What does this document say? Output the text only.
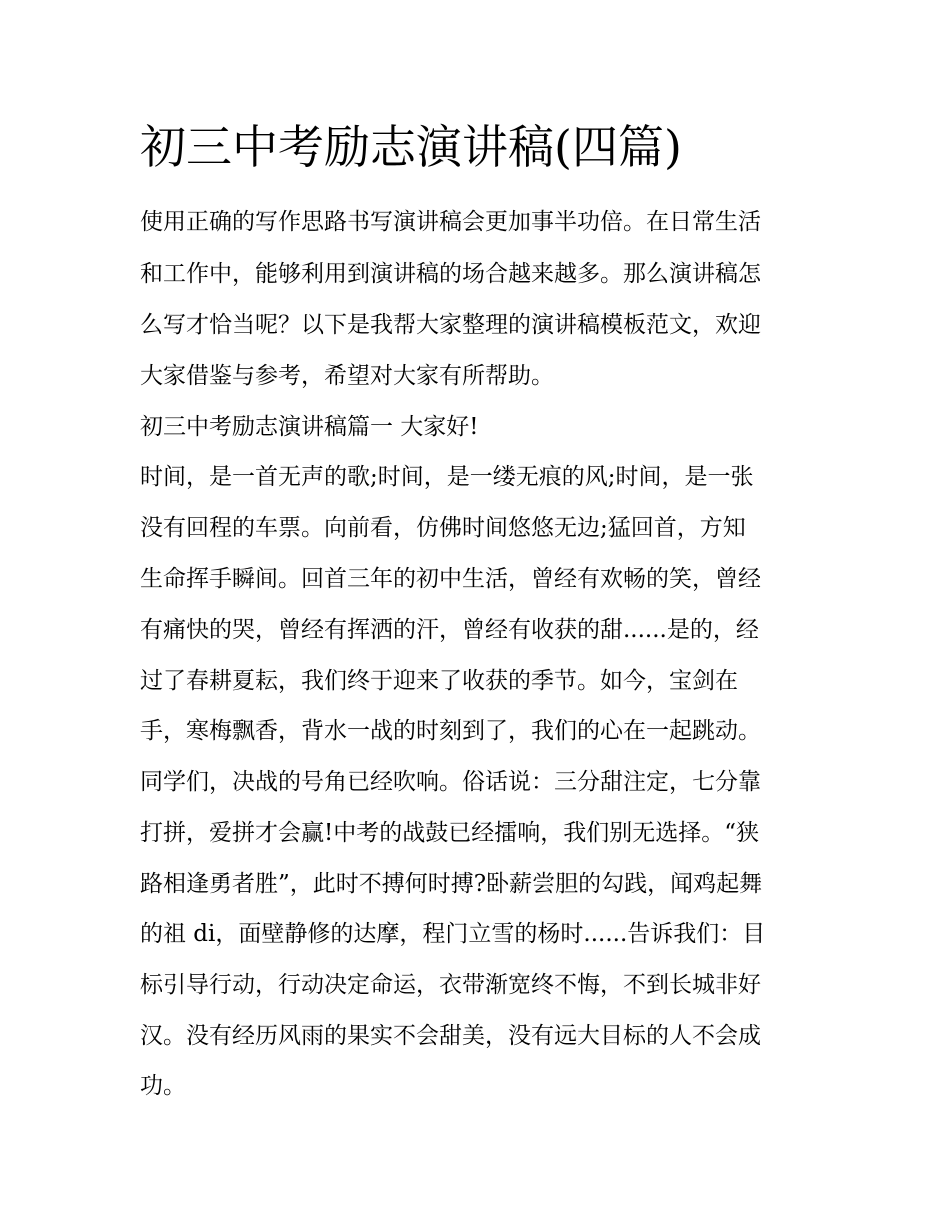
初三中考励志演讲稿(四篇)

使用正确的写作思路书写演讲稿会更加事半功倍。在日常生活

和工作中，能够利用到演讲稿的场合越来越多。那么演讲稿怎

么写才恰当呢？以下是我帮大家整理的演讲稿模板范文，欢迎

大家借鉴与参考，希望对大家有所帮助。

初三中考励志演讲稿篇一 大家好!

时间，是一首无声的歌;时间，是一缕无痕的风;时间，是一张

没有回程的车票。向前看，仿佛时间悠悠无边;猛回首，方知

生命挥手瞬间。回首三年的初中生活，曾经有欢畅的笑，曾经

有痛快的哭，曾经有挥洒的汗，曾经有收获的甜......是的，经

过了春耕夏耘，我们终于迎来了收获的季节。如今，宝剑在

手，寒梅飘香，背水一战的时刻到了，我们的心在一起跳动。

同学们，决战的号角已经吹响。俗话说：三分甜注定，七分靠

打拼，爱拼才会赢!中考的战鼓已经擂响，我们别无选择。“狭

路相逢勇者胜”，此时不搏何时搏?卧薪尝胆的勾践，闻鸡起舞

的祖 di，面壁静修的达摩，程门立雪的杨时......告诉我们：目

标引导行动，行动决定命运，衣带渐宽终不悔，不到长城非好

汉。没有经历风雨的果实不会甜美，没有远大目标的人不会成

功。
